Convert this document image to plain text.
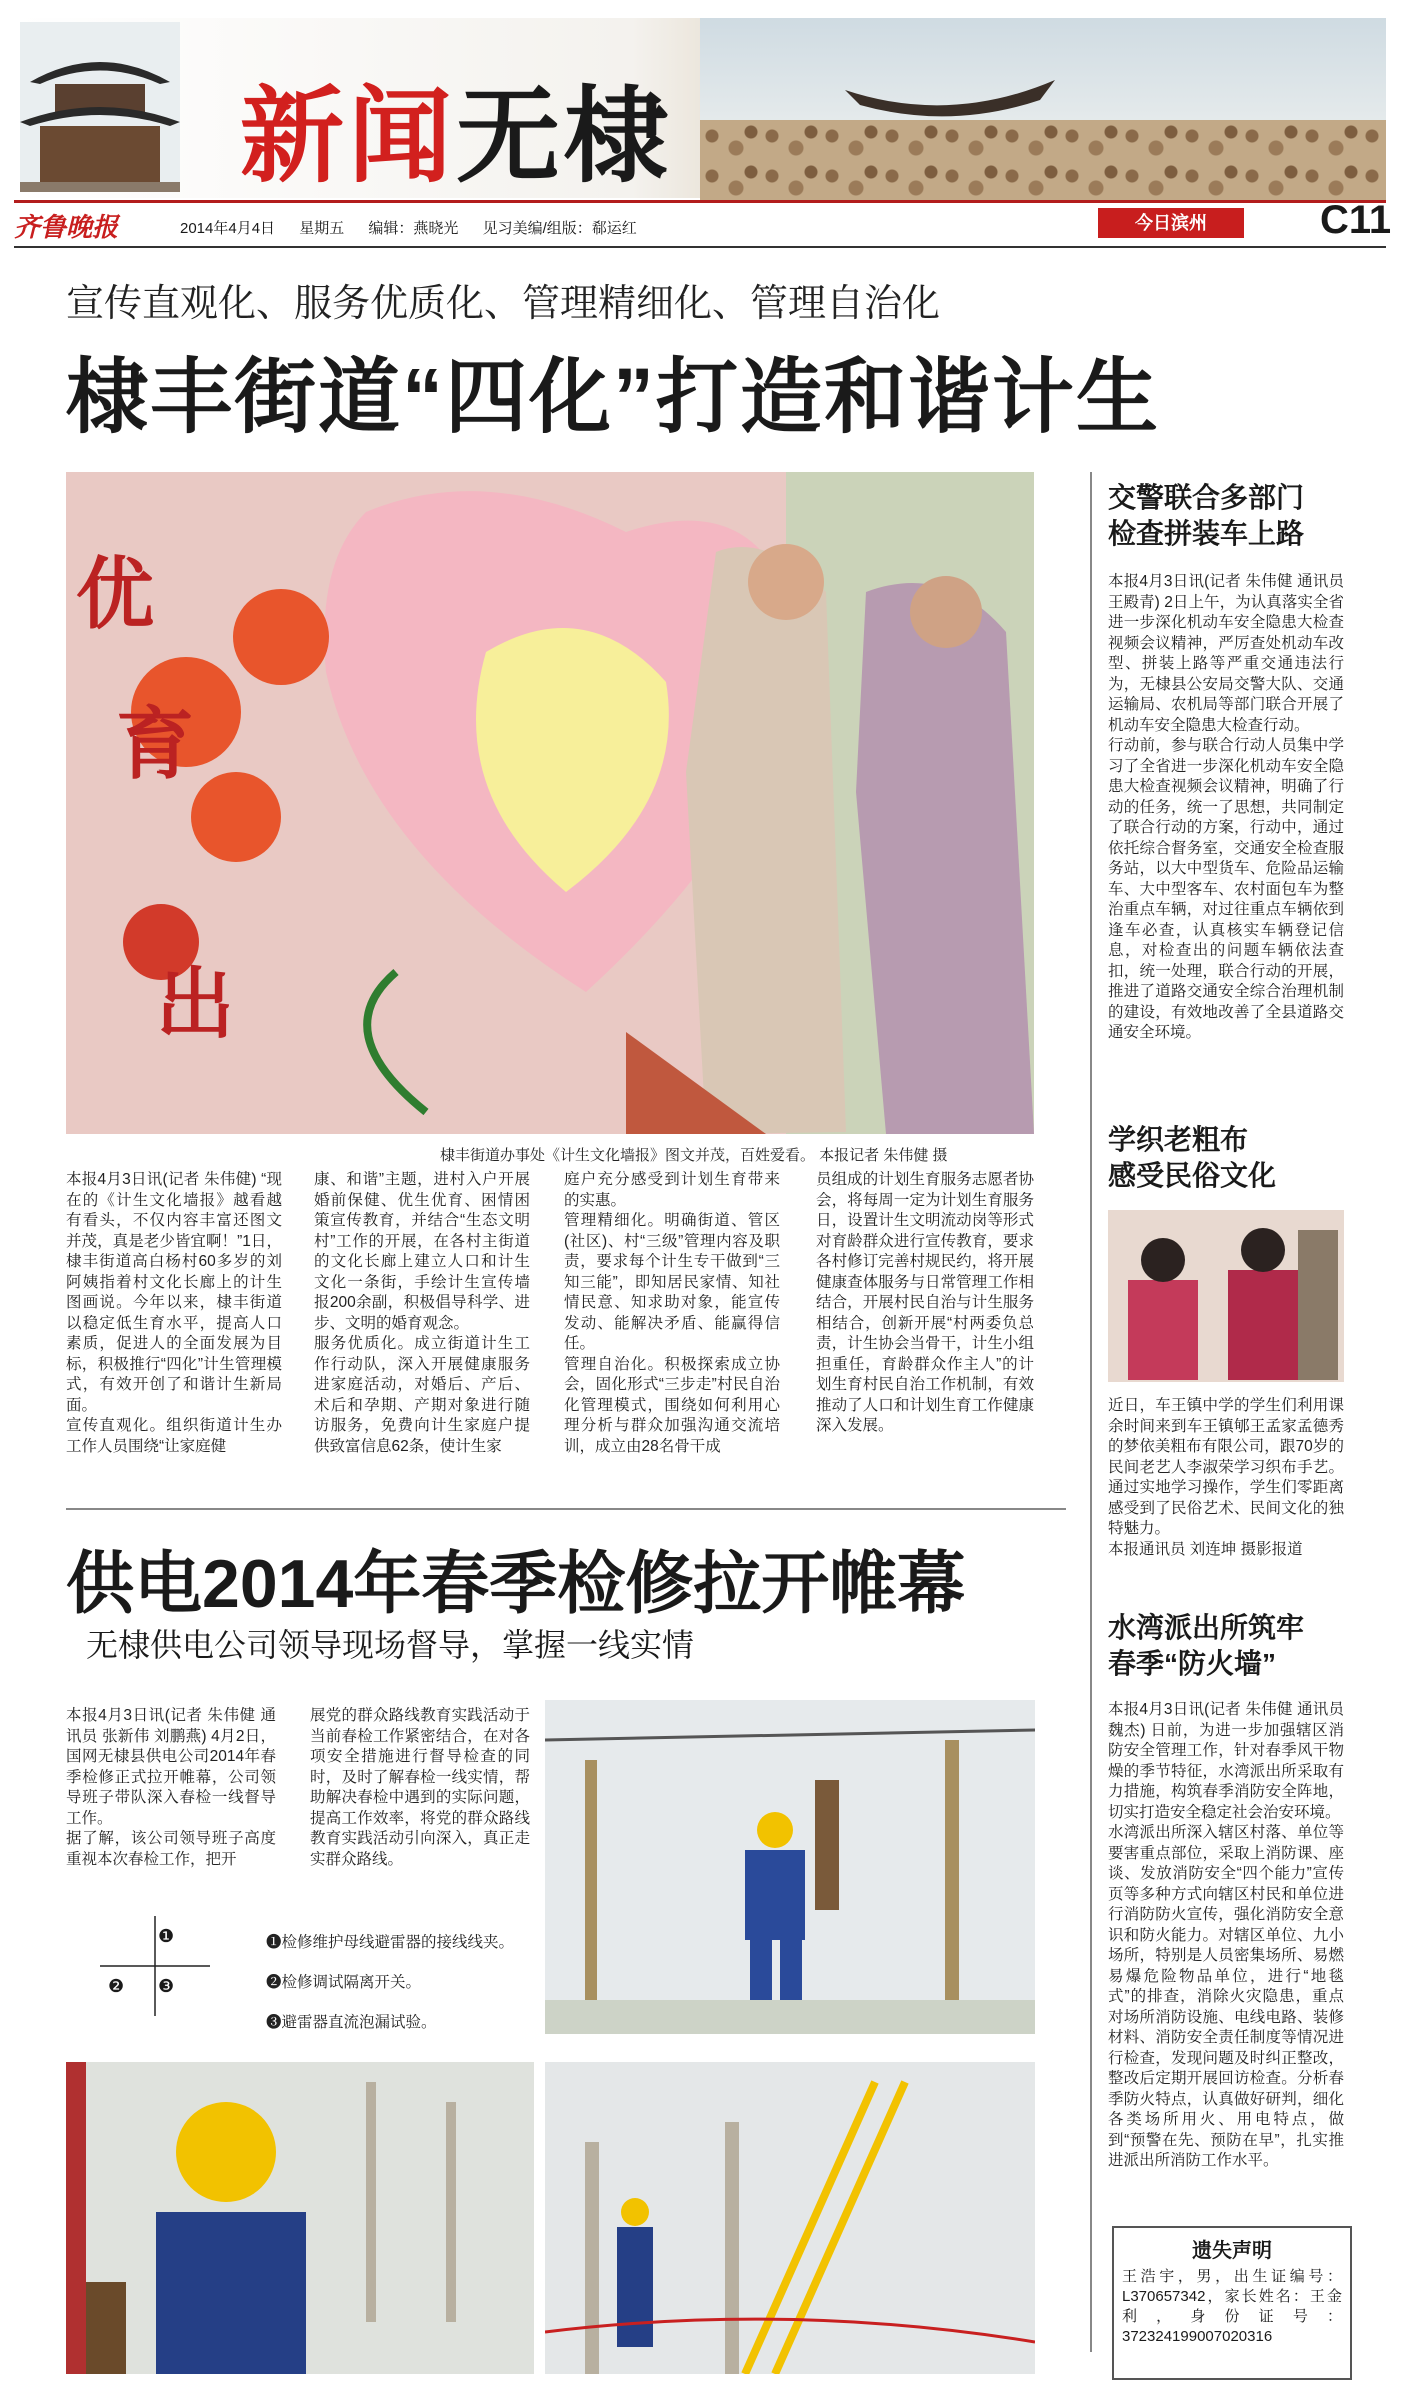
新闻无棣
齐鲁晚报	2014年4月4日 星期五 编辑：燕晓光 见习美编/组版：郗运红	今日滨州	C11
宣传直观化、服务优质化、管理精细化、管理自治化
棣丰街道“四化”打造和谐计生
优
育
出
棣丰街道办事处《计生文化墙报》图文并茂，百姓爱看。 本报记者 朱伟健 摄
本报4月3日讯(记者 朱伟健) “现在的《计生文化墙报》越看越有看头，不仅内容丰富还图文并茂，真是老少皆宜啊！”1日，棣丰街道高白杨村60多岁的刘阿姨指着村文化长廊上的计生图画说。今年以来，棣丰街道以稳定低生育水平，提高人口素质，促进人的全面发展为目标，积极推行“四化”计生管理模式，有效开创了和谐计生新局面。
宣传直观化。组织街道计生办工作人员围绕“让家庭健
康、和谐”主题，进村入户开展婚前保健、优生优育、困情困策宣传教育，并结合“生态文明村”工作的开展，在各村主街道的文化长廊上建立人口和计生文化一条街，手绘计生宣传墙报200余副，积极倡导科学、进步、文明的婚育观念。
服务优质化。成立街道计生工作行动队，深入开展健康服务进家庭活动，对婚后、产后、术后和孕期、产期对象进行随访服务，免费向计生家庭户提供致富信息62条，使计生家
庭户充分感受到计划生育带来的实惠。
管理精细化。明确街道、管区(社区)、村“三级”管理内容及职责，要求每个计生专干做到“三知三能”，即知居民家情、知社情民意、知求助对象，能宣传发动、能解决矛盾、能赢得信任。
管理自治化。积极探索成立协会，固化形式“三步走”村民自治化管理模式，围绕如何利用心理分析与群众加强沟通交流培训，成立由28名骨干成
员组成的计划生育服务志愿者协会，将每周一定为计划生育服务日，设置计生文明流动岗等形式对育龄群众进行宣传教育，要求各村修订完善村规民约，将开展健康查体服务与日常管理工作相结合，开展村民自治与计生服务相结合，创新开展“村两委负总责，计生协会当骨干，计生小组担重任，育龄群众作主人”的计划生育村民自治工作机制，有效推动了人口和计划生育工作健康深入发展。
交警联合多部门
检查拼装车上路
本报4月3日讯(记者 朱伟健 通讯员 王殿青) 2日上午，为认真落实全省进一步深化机动车安全隐患大检查视频会议精神，严厉查处机动车改型、拼装上路等严重交通违法行为，无棣县公安局交警大队、交通运输局、农机局等部门联合开展了机动车安全隐患大检查行动。
行动前，参与联合行动人员集中学习了全省进一步深化机动车安全隐患大检查视频会议精神，明确了行动的任务，统一了思想，共同制定了联合行动的方案，行动中，通过依托综合督务室，交通安全检查服务站，以大中型货车、危险品运输车、大中型客车、农村面包车为整治重点车辆，对过往重点车辆依到逢车必查，认真核实车辆登记信息，对检查出的问题车辆依法查扣，统一处理，联合行动的开展，推进了道路交通安全综合治理机制的建设，有效地改善了全县道路交通安全环境。
学织老粗布
感受民俗文化
近日，车王镇中学的学生们利用课余时间来到车王镇郇王孟家孟德秀的梦依美粗布有限公司，跟70岁的民间老艺人李淑荣学习织布手艺。通过实地学习操作，学生们零距离感受到了民俗艺术、民间文化的独特魅力。
本报通讯员 刘连坤 摄影报道
水湾派出所筑牢
春季“防火墙”
本报4月3日讯(记者 朱伟健 通讯员 魏杰) 日前，为进一步加强辖区消防安全管理工作，针对春季风干物燥的季节特征，水湾派出所采取有力措施，构筑春季消防安全阵地，切实打造安全稳定社会治安环境。
水湾派出所深入辖区村落、单位等要害重点部位，采取上消防课、座谈、发放消防安全“四个能力”宣传页等多种方式向辖区村民和单位进行消防防火宣传，强化消防安全意识和防火能力。对辖区单位、九小场所，特别是人员密集场所、易燃易爆危险物品单位，进行“地毯式”的排查，消除火灾隐患，重点对场所消防设施、电线电路、装修材料、消防安全责任制度等情况进行检查，发现问题及时纠正整改，整改后定期开展回访检查。分析春季防火特点，认真做好研判，细化各类场所用火、用电特点，做到“预警在先、预防在早”，扎实推进派出所消防工作水平。
遗失声明
王浩宇，男，出生证编号：L370657342，家长姓名：王金利，身份证号：372324199007020316
供电2014年春季检修拉开帷幕
无棣供电公司领导现场督导，掌握一线实情
本报4月3日讯(记者 朱伟健 通讯员 张新伟 刘鹏燕) 4月2日，国网无棣县供电公司2014年春季检修正式拉开帷幕，公司领导班子带队深入春检一线督导工作。
据了解，该公司领导班子高度重视本次春检工作，把开
展党的群众路线教育实践活动于当前春检工作紧密结合，在对各项安全措施进行督导检查的同时，及时了解春检一线实情，帮助解决春检中遇到的实际问题，提高工作效率，将党的群众路线教育实践活动引向深入，真正走实群众路线。
❶
❷ ❸
❶检修维护母线避雷器的接线线夹。
❷检修调试隔离开关。
❸避雷器直流泡漏试验。
